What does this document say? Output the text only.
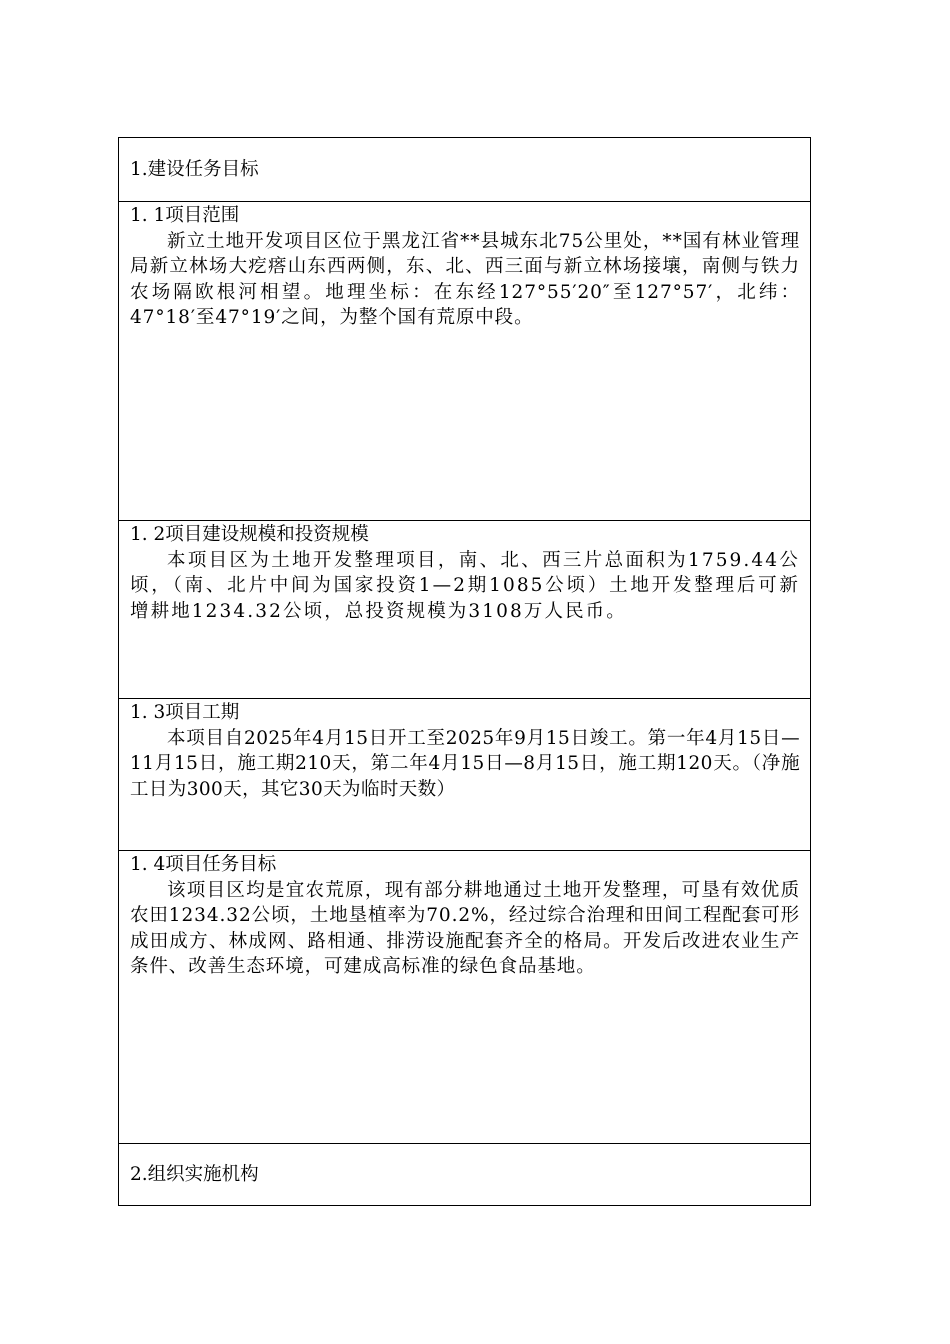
1.建设任务目标
1. 1项目范围

新立土地开发项目区位于黑龙江省**县城东北75公里处，**国有林业管理局新立林场大疙瘩山东西两侧，东、北、西三面与新立林场接壤，南侧与铁力农场隔欧根河相望。地理坐标：在东经127°55′20″至127°57′，北纬：47°18′至47°19′之间，为整个国有荒原中段。

1. 2项目建设规模和投资规模

本项目区为土地开发整理项目，南、北、西三片总面积为1759.44公顷，（南、北片中间为国家投资1—2期1085公顷）土地开发整理后可新增耕地1234.32公顷，总投资规模为3108万人民币。

1. 3项目工期

本项目自2025年4月15日开工至2025年9月15日竣工。第一年4月15日—11月15日，施工期210天，第二年4月15日—8月15日，施工期120天。（净施工日为300天，其它30天为临时天数）

1. 4项目任务目标

该项目区均是宜农荒原，现有部分耕地通过土地开发整理，可垦有效优质农田1234.32公顷，土地垦植率为70.2%，经过综合治理和田间工程配套可形成田成方、林成网、路相通、排涝设施配套齐全的格局。开发后改进农业生产条件、改善生态环境，可建成高标准的绿色食品基地。

2.组织实施机构
